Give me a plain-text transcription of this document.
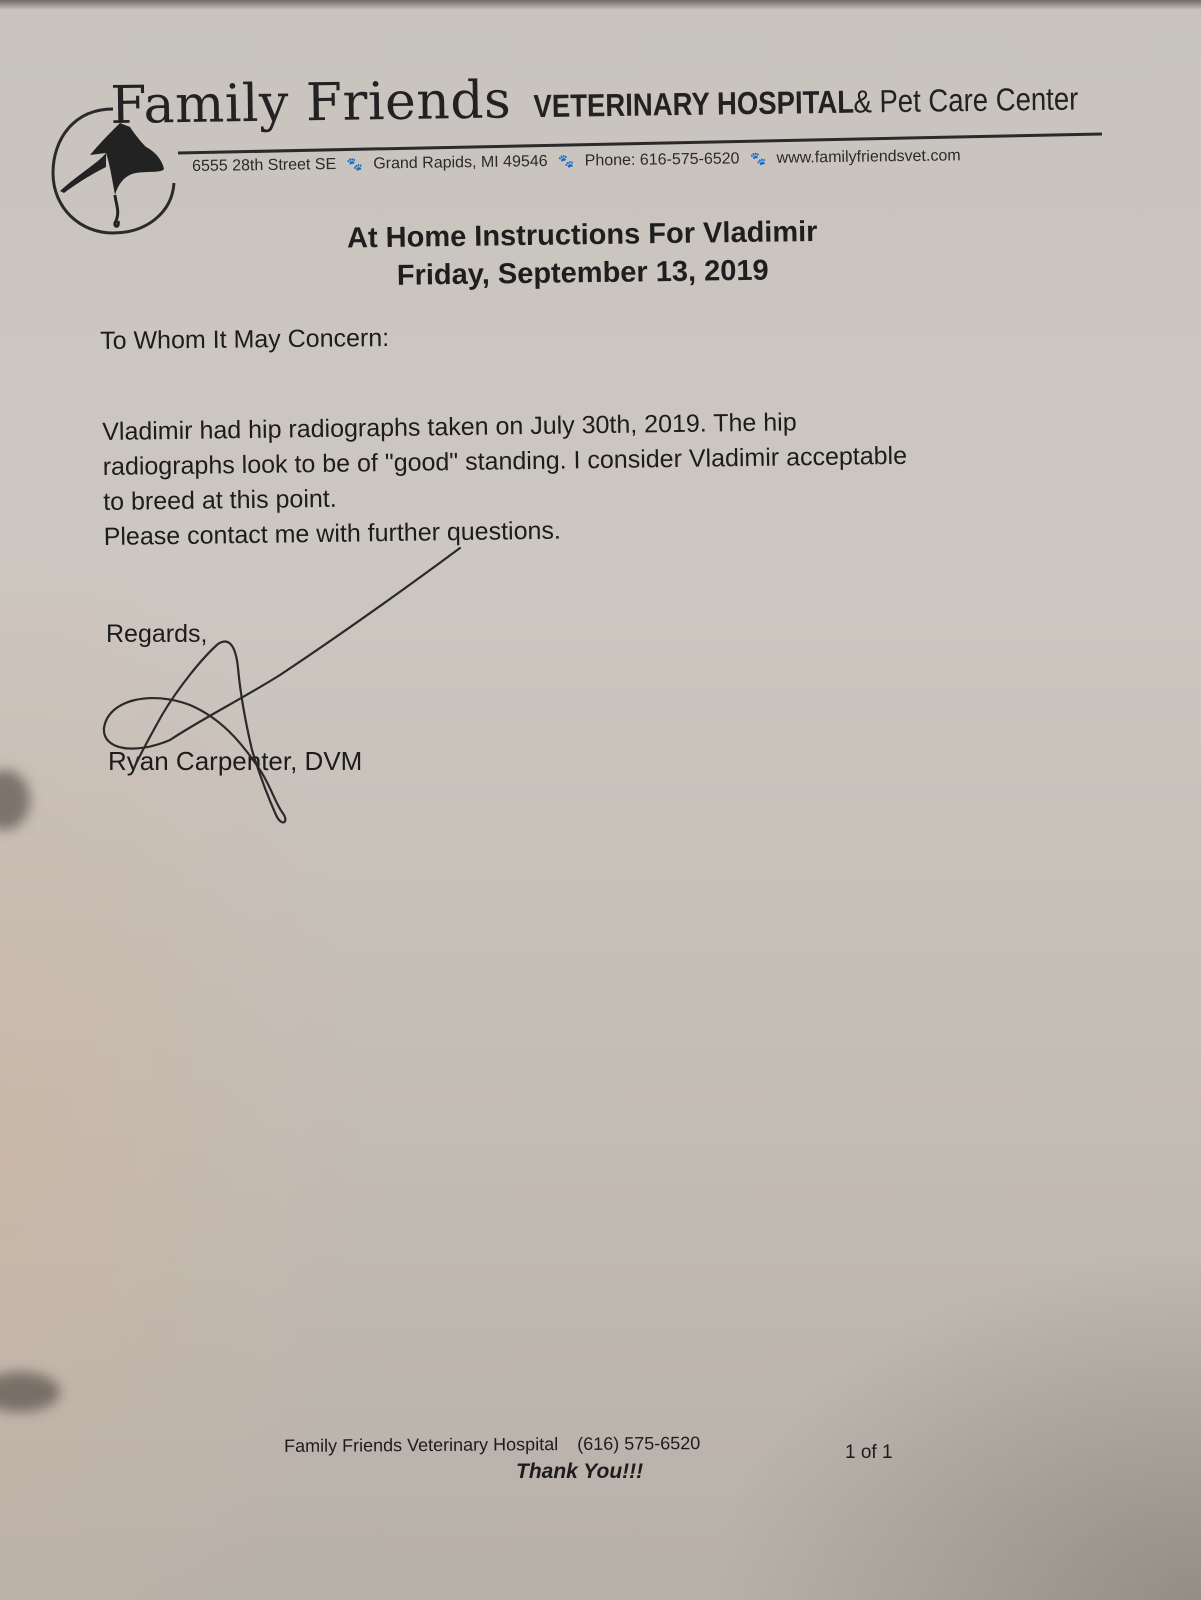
Family Friends VETERINARY HOSPITAL & Pet Care Center
6555 28th Street SE 🐾 Grand Rapids, MI 49546 🐾 Phone: 616-575-6520 🐾 www.familyfriendsvet.com
At Home Instructions For Vladimir
Friday, September 13, 2019
To Whom It May Concern:

Vladimir had hip radiographs taken on July 30th, 2019. The hip

radiographs look to be of "good" standing. I consider Vladimir acceptable

to breed at this point.

Please contact me with further questions.

Regards,
Ryan Carpenter, DVM
Family Friends Veterinary Hospital (616) 575-6520
Thank You!!!
1 of 1
